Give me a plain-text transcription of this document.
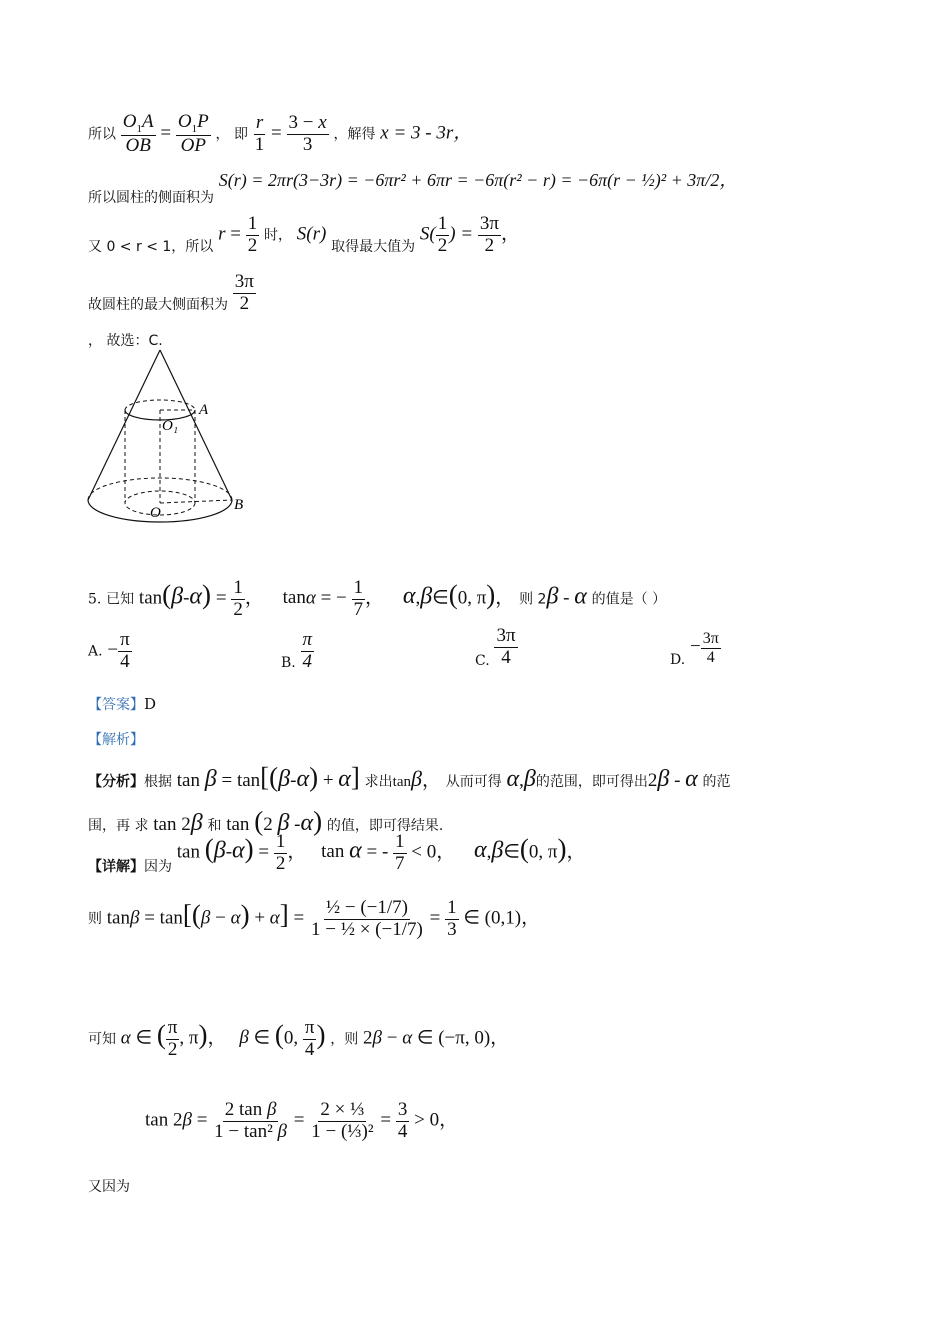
所以 $\frac{O_1A}{OB} = \frac{O_1P}{OP}$ ， 即 $\frac{r}{1} = \frac{3 - x}{3}$ ，解得 x = 3 - 3r，
所以圆柱的侧面积为 S(r) = 2πr(3−3r) = −6πr² + 6πr = −6π(r² − r) = −6π(r − ½)² + 3π/2，
又 0 < r < 1，所以 $r = \frac{1}{2}$ 时， S(r) 取得最大值为 $S( \frac{1}{2}$ ) = $\frac{3\pi}{2}$ ，
故圆柱的最大侧面积为 $\frac{3\pi}{2}$
， 故选：C.
A
O₁
O	B
5. 已知 $\tan(\beta-\alpha) = \frac{1}{2}$ ， tanα = − $\frac{1}{7}$ ， α,β∈(0, π)， 则 2β - α 的值是（ ）
A. − $\frac{\pi}{4}$	B. $\frac{\pi}{4}$	C. $\frac{3\pi}{4}$	D. − $\frac{3\pi}{4}$
【答案】D
【解析】
【分析】根据 tan β = tan[(β-α) + α] 求出tanβ， 从而可得 α,β的范围，即可得出2β - α 的范
围，再 求 tan 2β 和 tan (2 β -α) 的值，即可得结果.
【详解】因为 $\tan (\beta-\alpha) = \frac{1}{2}$ ， tan α = - $\frac{1}{7} < 0$， α,β∈(0, π)，
则 $\tan\beta = \tan[(\beta - \alpha) + \alpha] = \frac{\text{½ − (−1/7)}}{\text{1 − ½ × (−1/7)}} = \frac{1}{3}$ ∈ (0,1)，
可知 α ∈ ( $\frac{\pi}{2}$ , π)， β ∈ (0, $\frac{\pi}{4}$ ) ，则 2β − α ∈ (−π, 0)，
$\tan 2\beta = \frac{\text{2 tan β}}{\text{1 − tan² β}} = \frac{\text{2 × ⅓}}{\text{1 − (⅓)²}} = \frac{3}{4} > 0$，
又因为
